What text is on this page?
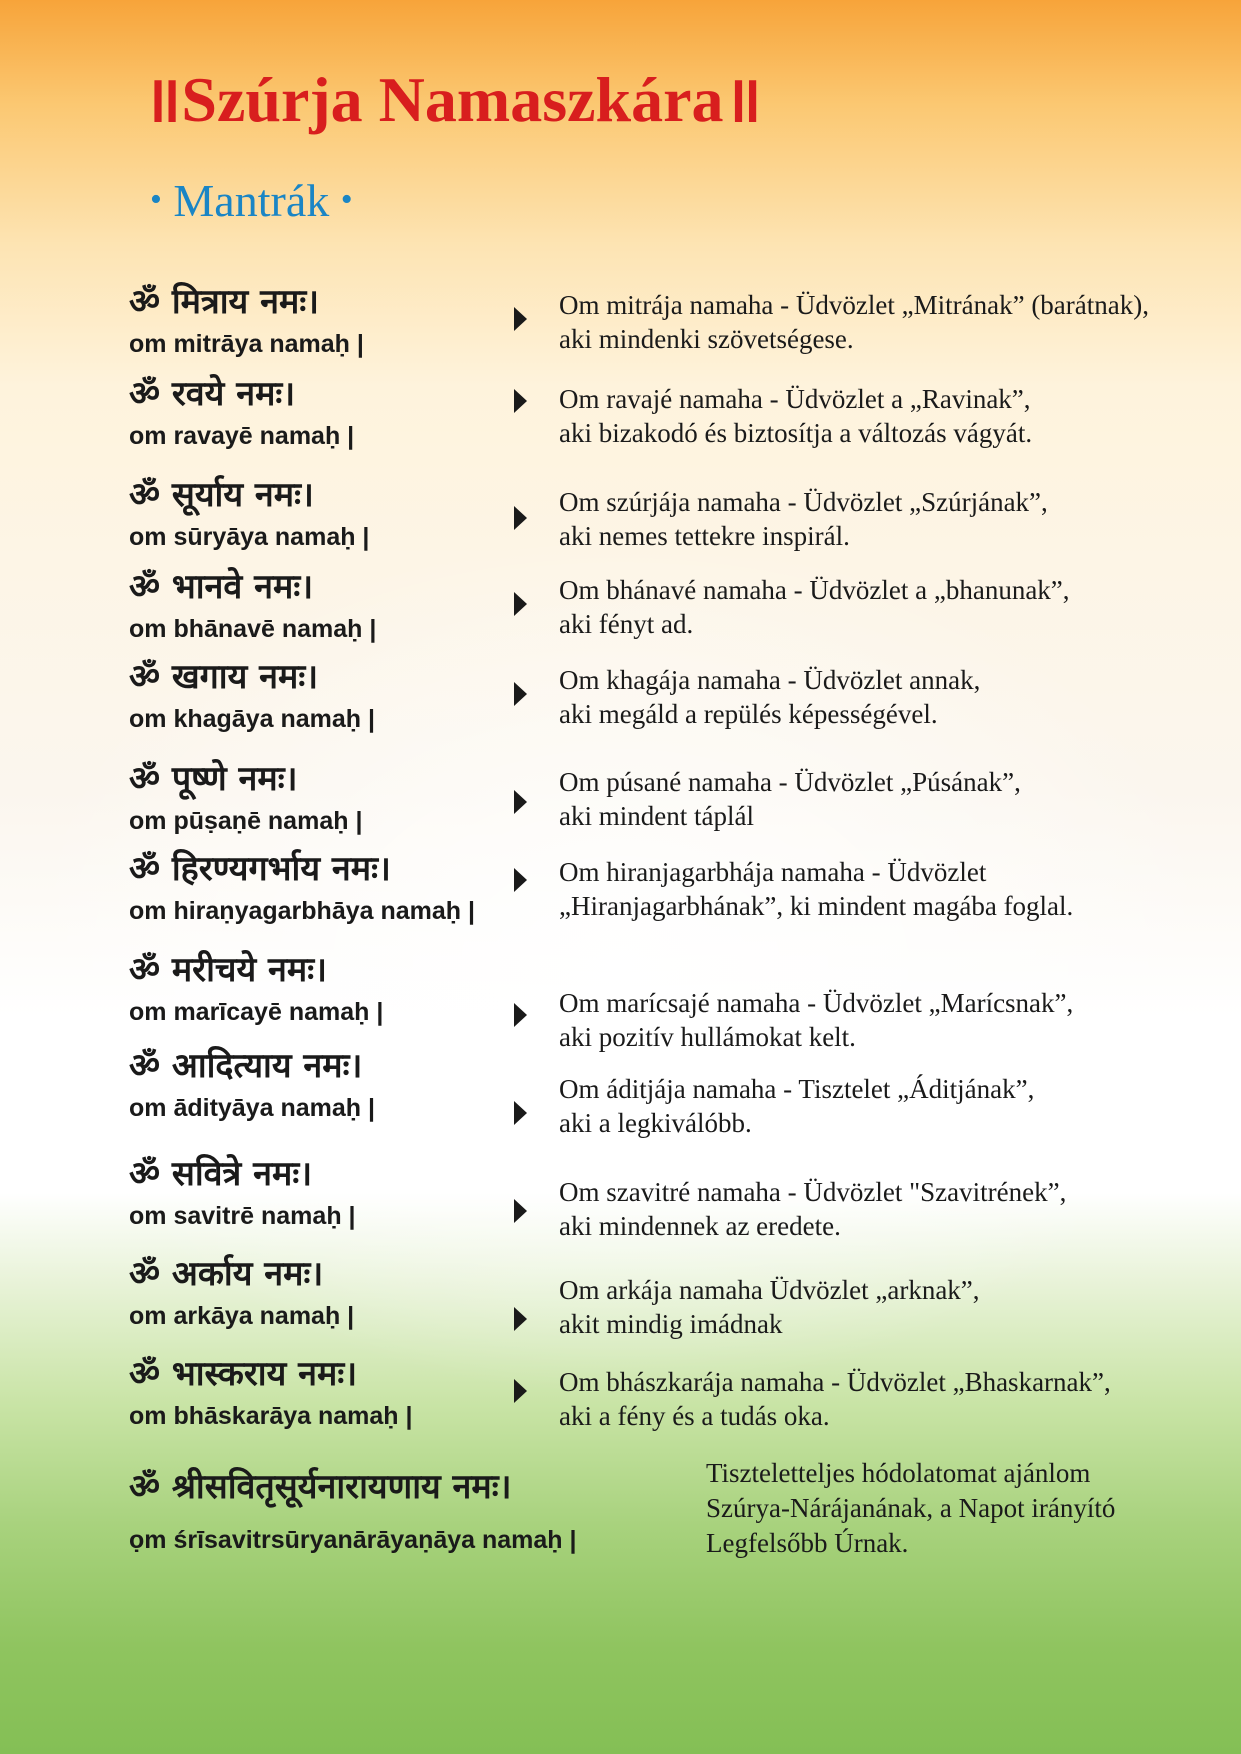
॥Szúrja Namaszkára॥
• Mantrák •
ॐ मित्राय नमः।
om mitrāya namaḥ |
Om mitrája namaha - Üdvözlet „Mitrának” (barátnak),
aki mindenki szövetségese.
ॐ रवये नमः।
om ravayē namaḥ |
Om ravajé namaha - Üdvözlet a „Ravinak”,
aki bizakodó és biztosítja a változás vágyát.
ॐ सूर्याय नमः।
om sūryāya namaḥ |
Om szúrjája namaha - Üdvözlet „Szúrjának”,
aki nemes tettekre inspirál.
ॐ भानवे नमः।
om bhānavē namaḥ |
Om bhánavé namaha - Üdvözlet a „bhanunak”,
aki fényt ad.
ॐ खगाय नमः।
om khagāya namaḥ |
Om khagája namaha - Üdvözlet annak,
aki megáld a repülés képességével.
ॐ पूष्णे नमः।
om pūṣaṇē namaḥ |
Om púsané namaha - Üdvözlet „Púsának”,
aki mindent táplál
ॐ हिरण्यगर्भाय नमः।
om hiraṇyagarbhāya namaḥ |
Om hiranjagarbhája namaha - Üdvözlet
„Hiranjagarbhának”, ki mindent magába foglal.
ॐ मरीचये नमः।
om marīcayē namaḥ |	Om marícsajé namaha - Üdvözlet „Marícsnak”,
aki pozitív hullámokat kelt.
ॐ आदित्याय नमः।
om ādityāya namaḥ |
Om áditjája namaha - Tisztelet „Áditjának”,
aki a legkiválóbb.
ॐ सवित्रे नमः।
om savitrē namaḥ |
Om szavitré namaha - Üdvözlet "Szavitrének”,
aki mindennek az eredete.
ॐ अर्काय नमः।
om arkāya namaḥ |
Om arkája namaha Üdvözlet „arknak”,
akit mindig imádnak
ॐ भास्कराय नमः।
om bhāskarāya namaḥ |
Om bhászkarája namaha - Üdvözlet „Bhaskarnak”,
aki a fény és a tudás oka.
ॐ श्रीसवितृसूर्यनारायणाय नमः।
ọm śrīsavitrsūryanārāyaṇāya namaḥ |
Tiszteletteljes hódolatomat ajánlom
Szúrya-Nárájanának, a Napot irányító
Legfelsőbb Úrnak.
